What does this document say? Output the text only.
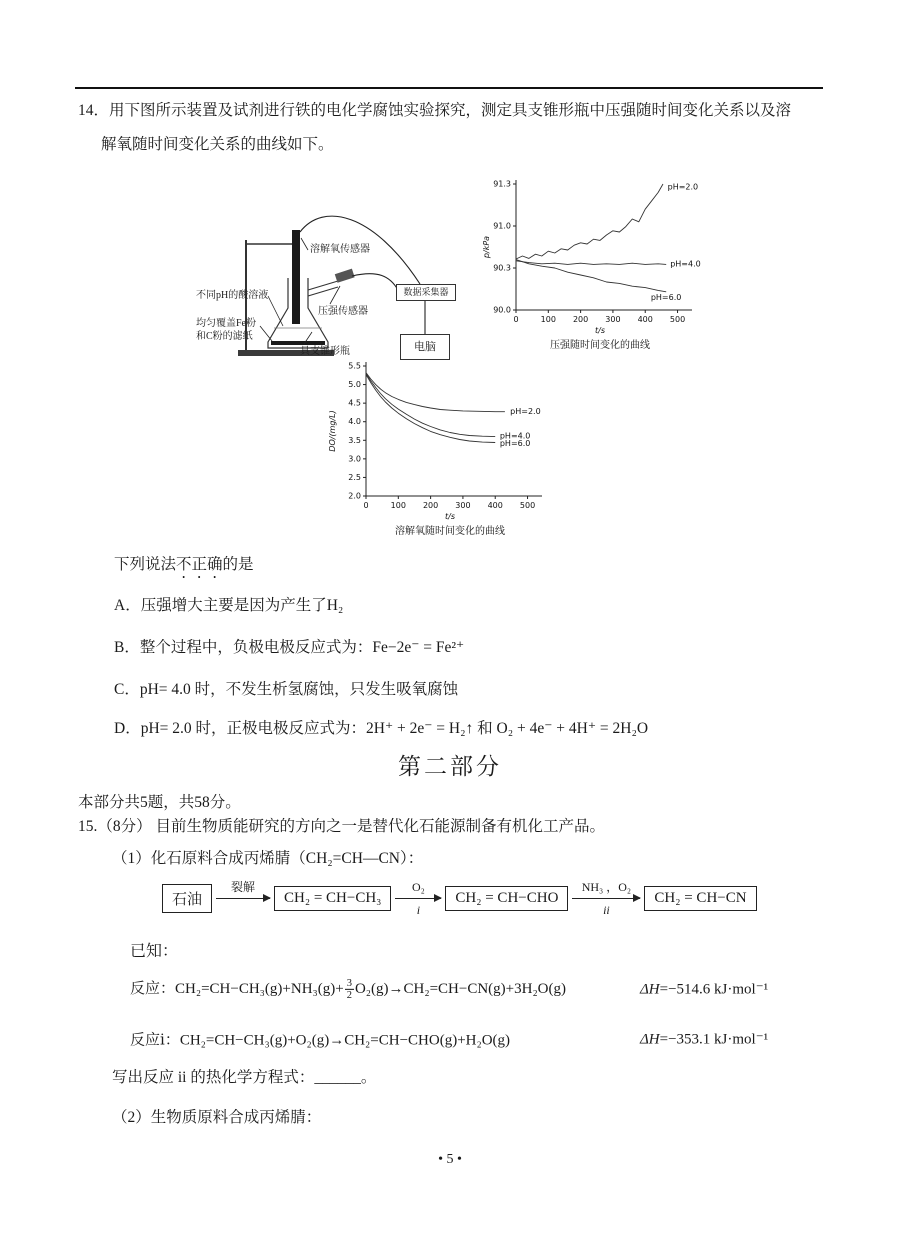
14．用下图所示装置及试剂进行铁的电化学腐蚀实验探究，测定具支锥形瓶中压强随时间变化关系以及溶
解氧随时间变化关系的曲线如下。
溶解氧传感器
不同pH的酸溶液
压强传感器
均匀覆盖Fe粉
和C粉的滤纸
具支锥形瓶
数据采集器
电脑
90.0
90.3
91.0
91.3
0	100 200 300 400 500
t/s
p/kPa
压强随时间变化的曲线
pH=2.0
pH=4.0
pH=6.0
2.0
2.5
3.0
3.5
4.0
4.5
5.0
5.5
0	100 200 300 400 500
t/s
DO/(mg/L)
溶解氧随时间变化的曲线
pH=2.0
pH=4.0
pH=6.0
下列说法不正确的是
A．压强增大主要是因为产生了H₂
B．整个过程中，负极电极反应式为：Fe−2e⁻ = Fe²⁺
C．pH= 4.0 时，不发生析氢腐蚀，只发生吸氧腐蚀
D．pH= 2.0 时，正极电极反应式为：2H⁺ + 2e⁻ = H₂↑ 和 O₂ + 4e⁻ + 4H⁺ = 2H₂O
第二部分
本部分共5题，共58分。
15.（8分） 目前生物质能研究的方向之一是替代化石能源制备有机化工产品。
（1）化石原料合成丙烯腈（CH₂=CH—CN）：
石油
裂解
CH₂ = CH−CH₃
O₂
i
CH₂ = CH−CHO
NH₃ ，O₂
ii
CH₂ = CH−CN
已知：
反应：$CH_2=CH-CH_3(g)+NH_3(g)+ \frac{3}{2} O_2(g)\to CH_2=CH-CN(g)+3H_2O(g)$	ΔH=−514.6 kJ·mol⁻¹
反应ⅰ：CH₂=CH−CH₃(g)+O₂(g)→CH₂=CH−CHO(g)+H₂O(g)	ΔH=−353.1 kJ·mol⁻¹
写出反应 ii 的热化学方程式：______。
（2）生物质原料合成丙烯腈：
• 5 •
